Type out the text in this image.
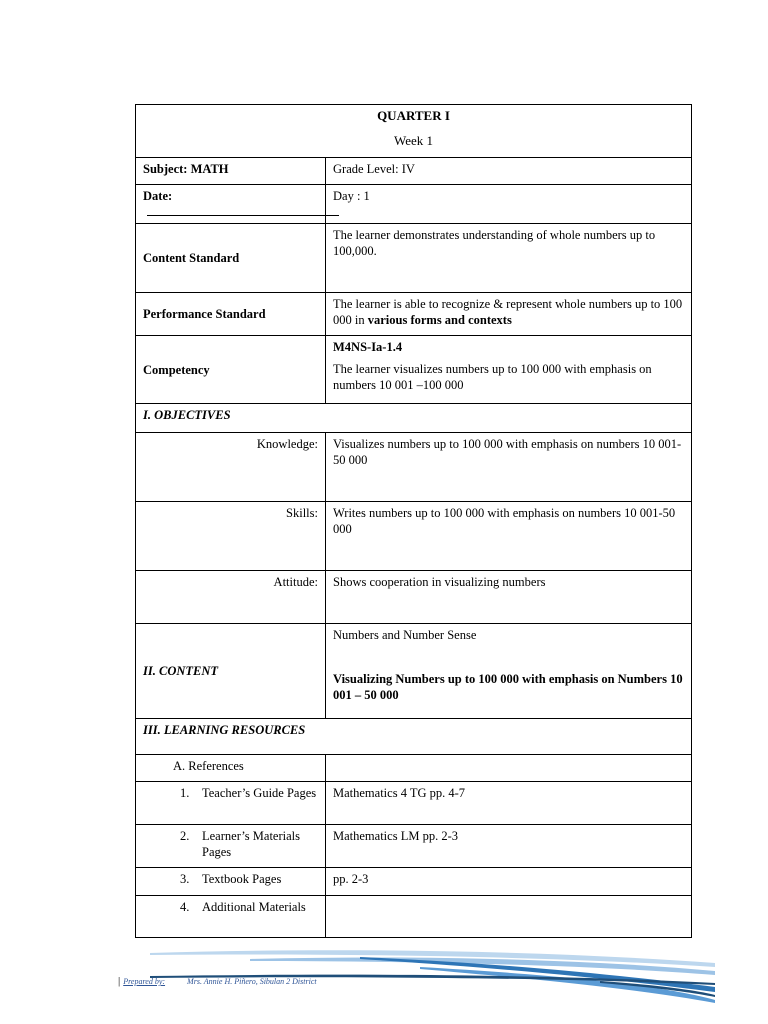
QUARTER I
Week 1	

Subject: MATH	Grade Level: IV
Date:	Day : 1
Content Standard	The learner demonstrates understanding of whole numbers up to 100,000.
Performance Standard	The learner is able to recognize & represent whole numbers up to 100 000 in various forms and contexts
Competency	M4NS-Ia-1.4
The learner visualizes numbers up to 100 000 with emphasis on numbers 10 001 –100 000

I. OBJECTIVES	
Knowledge:	Visualizes numbers up to 100 000 with emphasis on numbers 10 001-50 000
Skills:	Writes numbers up to 100 000 with emphasis on numbers 10 001-50 000
Attitude:	Shows cooperation in visualizing numbers
II. CONTENT	Numbers and Number Sense
Visualizing Numbers up to 100 000 with emphasis on Numbers 10 001 – 50 000

III. LEARNING RESOURCES	
A. References	

1. Teacher’s Guide Pages	Mathematics 4 TG pp. 4-7

2. Learner’s Materials Pages	Mathematics LM pp. 2-3

3. Textbook Pages	pp. 2-3

4. Additional Materials	

| Prepared by:	Mrs. Annie H. Piñero, Sibulan 2 District
